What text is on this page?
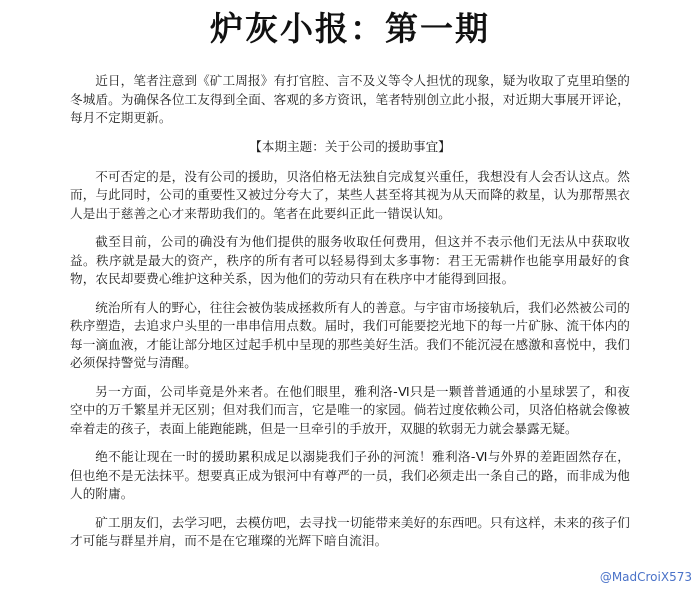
炉灰小报：第一期

近日，笔者注意到《矿工周报》有打官腔、言不及义等令人担忧的现象，疑为收取了克里珀堡的冬城盾。为确保各位工友得到全面、客观的多方资讯，笔者特别创立此小报，对近期大事展开评论，每月不定期更新。

【本期主题：关于公司的援助事宜】

不可否定的是，没有公司的援助，贝洛伯格无法独自完成复兴重任，我想没有人会否认这点。然而，与此同时，公司的重要性又被过分夸大了，某些人甚至将其视为从天而降的救星，认为那帮黑衣人是出于慈善之心才来帮助我们的。笔者在此要纠正此一错误认知。

截至目前，公司的确没有为他们提供的服务收取任何费用，但这并不表示他们无法从中获取收益。秩序就是最大的资产，秩序的所有者可以轻易得到太多事物：君王无需耕作也能享用最好的食物，农民却要费心维护这种关系，因为他们的劳动只有在秩序中才能得到回报。

统治所有人的野心，往往会被伪装成拯救所有人的善意。与宇宙市场接轨后，我们必然被公司的秩序塑造，去追求户头里的一串串信用点数。届时，我们可能要挖光地下的每一片矿脉、流干体内的每一滴血液，才能让部分地区过起手机中呈现的那些美好生活。我们不能沉浸在感激和喜悦中，我们必须保持警觉与清醒。

另一方面，公司毕竟是外来者。在他们眼里，雅利洛-Ⅵ只是一颗普普通通的小星球罢了，和夜空中的万千繁星并无区别；但对我们而言，它是唯一的家园。倘若过度依赖公司，贝洛伯格就会像被牵着走的孩子，表面上能跑能跳，但是一旦牵引的手放开，双腿的软弱无力就会暴露无疑。

绝不能让现在一时的援助累积成足以溺毙我们子孙的河流！雅利洛-Ⅵ与外界的差距固然存在，但也绝不是无法抹平。想要真正成为银河中有尊严的一员，我们必须走出一条自己的路，而非成为他人的附庸。

矿工朋友们，去学习吧，去模仿吧，去寻找一切能带来美好的东西吧。只有这样，未来的孩子们才可能与群星并肩，而不是在它璀璨的光辉下暗自流泪。

@MadCroiX573
